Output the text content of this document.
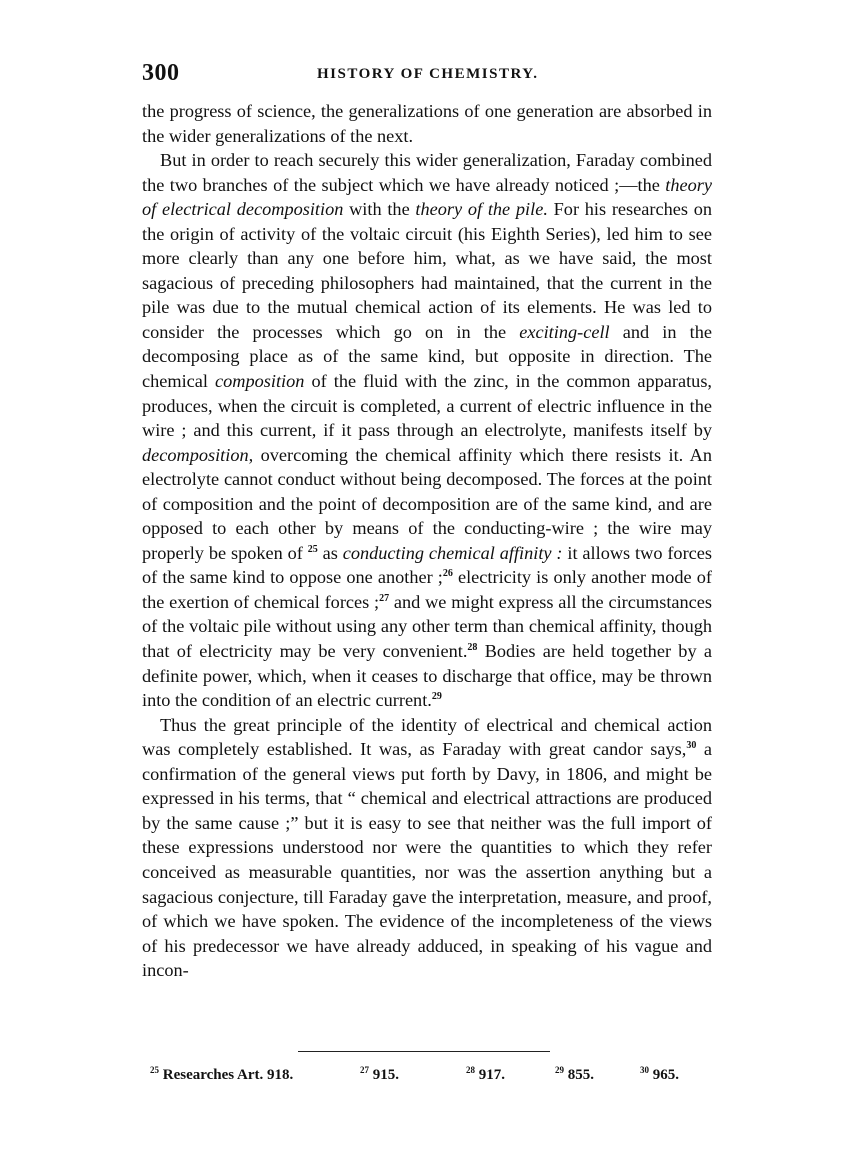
300	HISTORY OF CHEMISTRY.

the progress of science, the generalizations of one generation are absorbed in the wider generalizations of the next.

But in order to reach securely this wider generalization, Faraday combined the two branches of the subject which we have already noticed ;—the theory of electrical decomposition with the theory of the pile. For his researches on the origin of activity of the voltaic circuit (his Eighth Series), led him to see more clearly than any one before him, what, as we have said, the most sagacious of preceding philosophers had maintained, that the current in the pile was due to the mutual chemical action of its elements. He was led to consider the processes which go on in the exciting-cell and in the decomposing place as of the same kind, but opposite in direction. The chemical composition of the fluid with the zinc, in the common apparatus, produces, when the circuit is completed, a current of electric influence in the wire ; and this current, if it pass through an electrolyte, manifests itself by decomposition, overcoming the chemical affinity which there resists it. An electrolyte cannot conduct without being decomposed. The forces at the point of composition and the point of decomposition are of the same kind, and are opposed to each other by means of the conducting-wire ; the wire may properly be spoken of $^{25}$ as conducting chemical affinity : it allows two forces of the same kind to oppose one another ;$^{26}$ electricity is only another mode of the exertion of chemical forces ;$^{27}$ and we might express all the circumstances of the voltaic pile without using any other term than chemical affinity, though that of electricity may be very convenient.$^{28}$ Bodies are held together by a definite power, which, when it ceases to discharge that office, may be thrown into the condition of an electric current.$^{29}$

Thus the great principle of the identity of electrical and chemical action was completely established. It was, as Faraday with great candor says,$^{30}$ a confirmation of the general views put forth by Davy, in 1806, and might be expressed in his terms, that “ chemical and electrical attractions are produced by the same cause ;” but it is easy to see that neither was the full import of these expressions understood nor were the quantities to which they refer conceived as measurable quantities, nor was the assertion anything but a sagacious conjecture, till Faraday gave the interpretation, measure, and proof, of which we have spoken. The evidence of the incompleteness of the views of his predecessor we have already adduced, in speaking of his vague and incon-

$^{25}$ Researches Art. 918.	$^{27}$ 915.	$^{28}$ 917.	$^{29}$ 855.	$^{30}$ 965.
